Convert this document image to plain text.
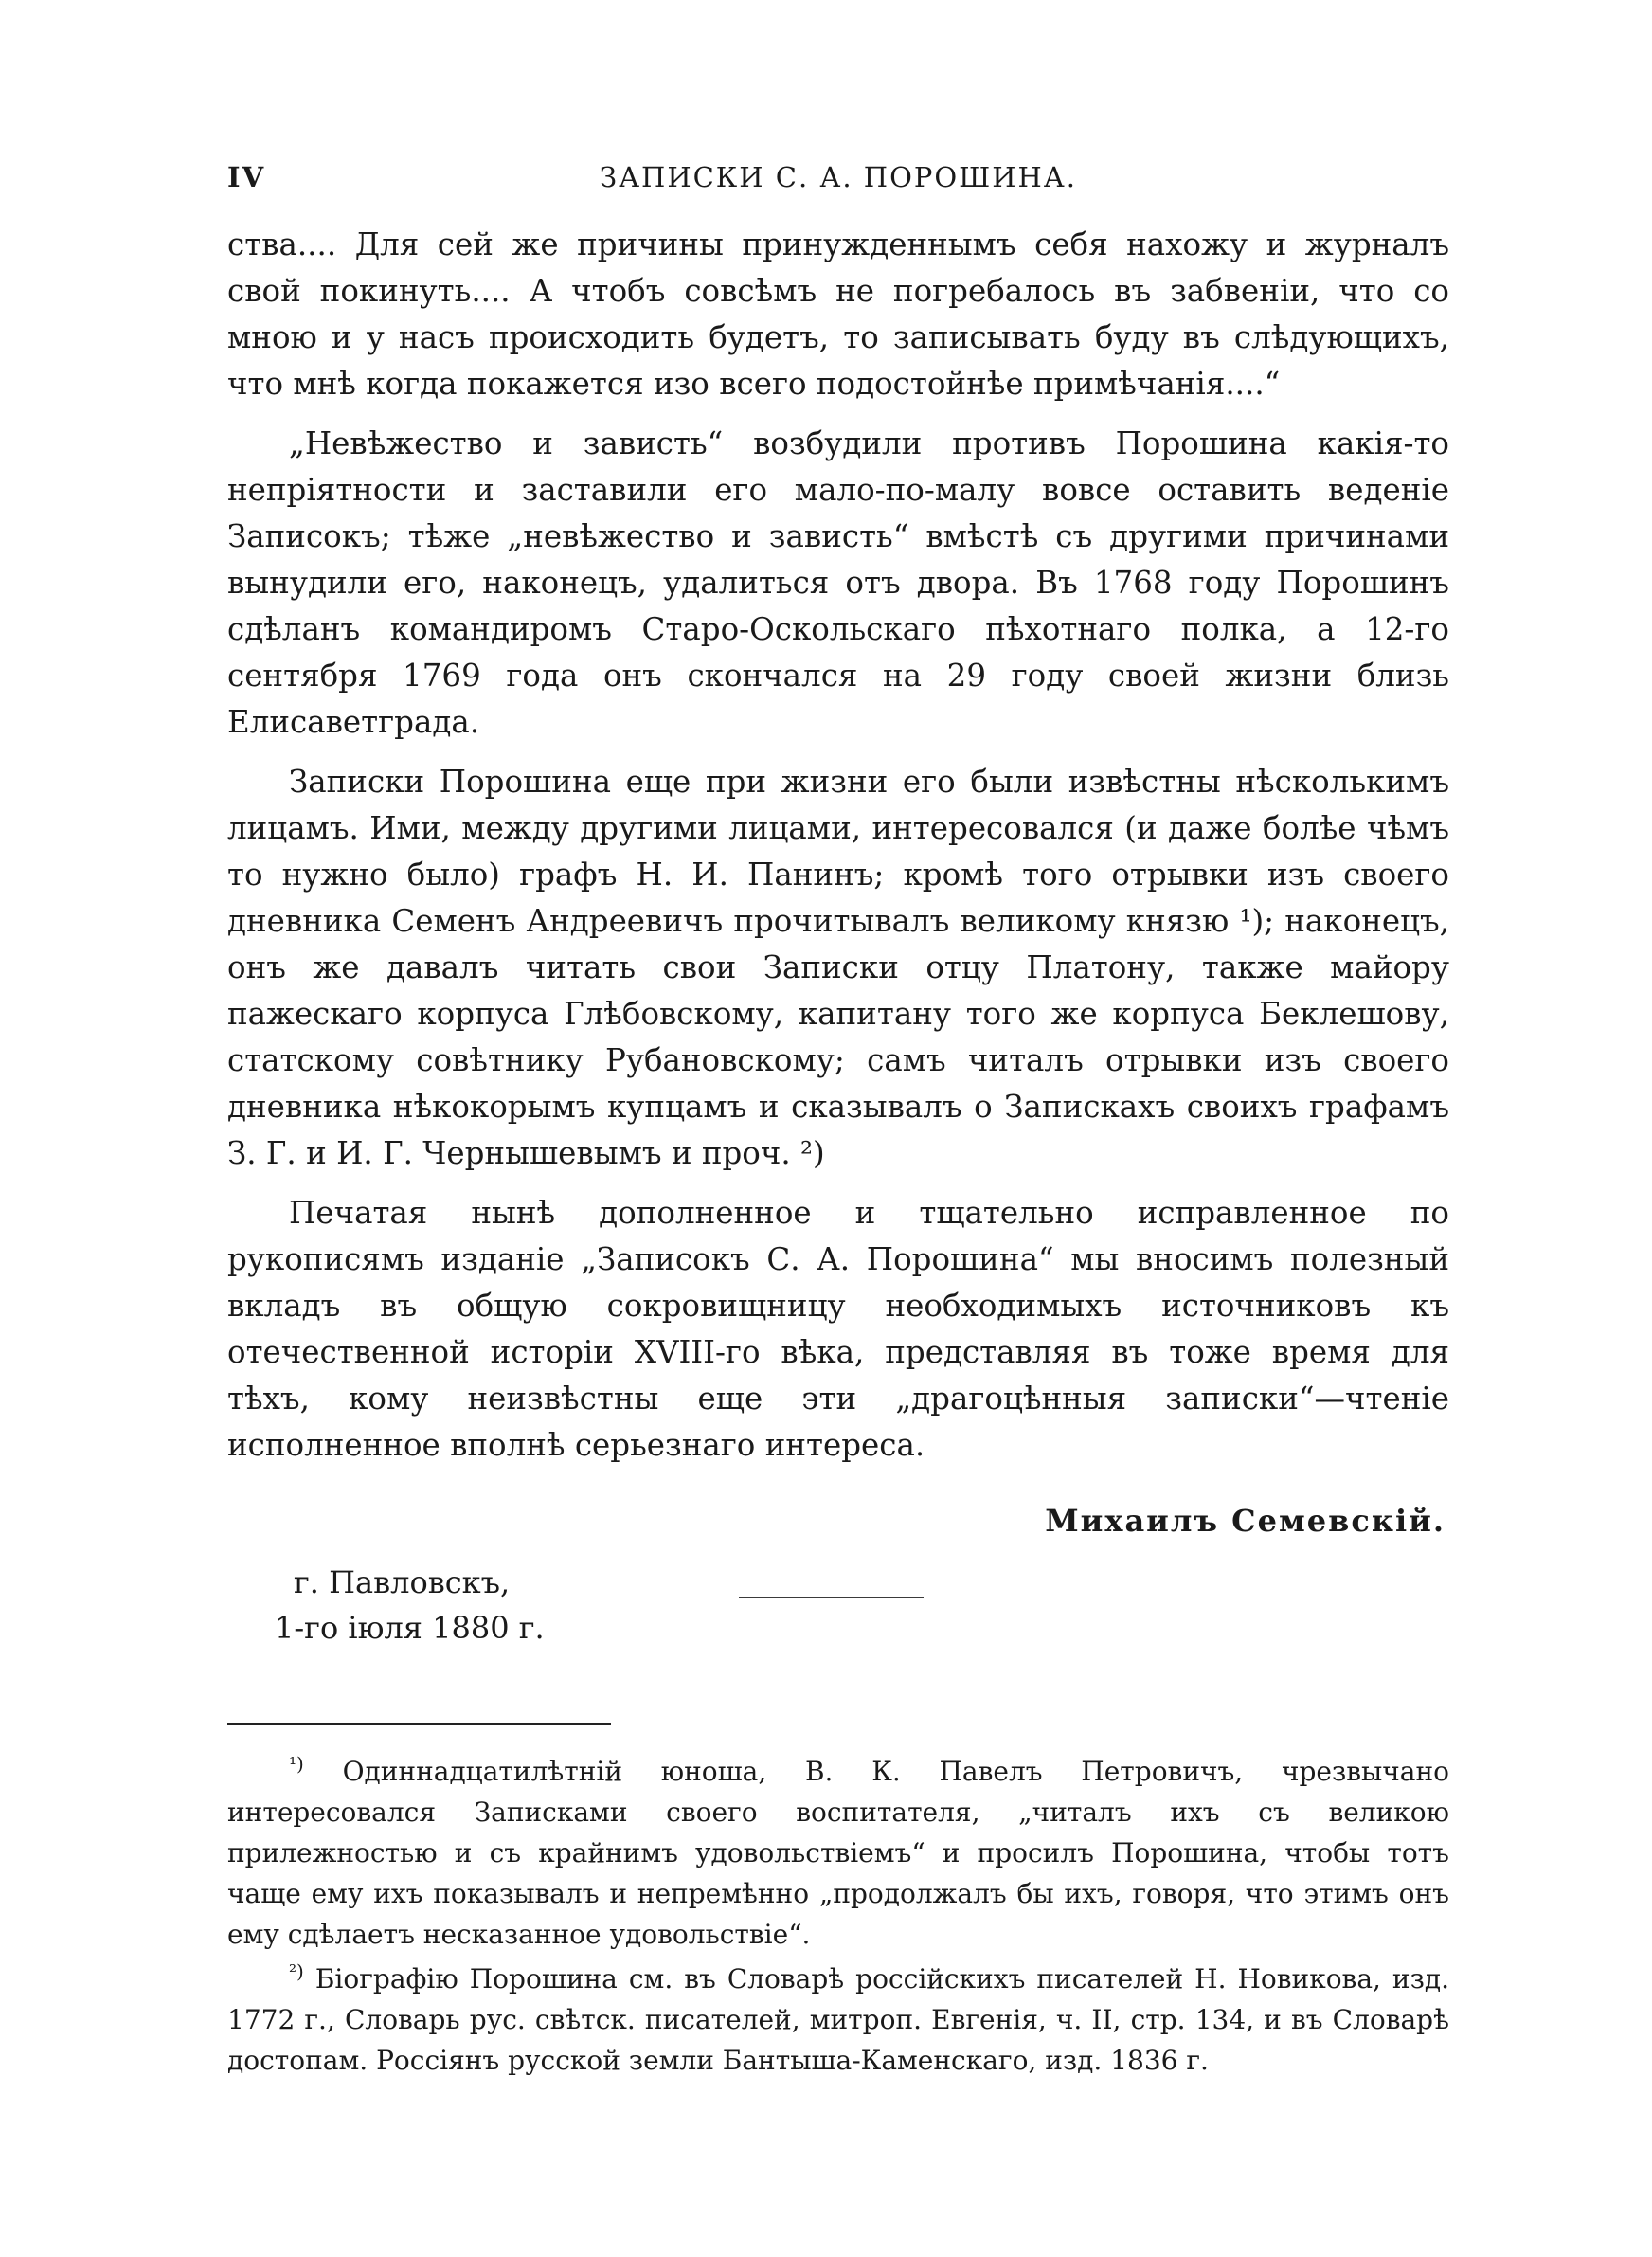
IV	ЗАПИСКИ С. А. ПОРОШИНА.

ства.... Для сей же причины принужденнымъ себя нахожу и журналъ свой покинуть.... А чтобъ совсѣмъ не погребалось въ забвеніи, что со мною и у насъ происходить будетъ, то записывать буду въ слѣдующихъ, что мнѣ когда покажется изо всего подостойнѣе примѣчанія....“

„Невѣжество и зависть“ возбудили противъ Порошина какія-то непріятности и заставили его мало-по-малу вовсе оставить веденіе Записокъ; тѣже „невѣжество и зависть“ вмѣстѣ съ другими причинами вынудили его, наконецъ, удалиться отъ двора. Въ 1768 году Порошинъ сдѣланъ командиромъ Старо-Оскольскаго пѣхотнаго полка, а 12-го сентября 1769 года онъ скончался на 29 году своей жизни близь Елисаветграда.

Записки Порошина еще при жизни его были извѣстны нѣсколькимъ лицамъ. Ими, между другими лицами, интересовался (и даже болѣе чѣмъ то нужно было) графъ Н. И. Панинъ; кромѣ того отрывки изъ своего дневника Семенъ Андреевичъ прочитывалъ великому князю ¹); наконецъ, онъ же давалъ читать свои Записки отцу Платону, также майору пажескаго корпуса Глѣбовскому, капитану того же корпуса Беклешову, статскому совѣтнику Рубановскому; самъ читалъ отрывки изъ своего дневника нѣкокорымъ купцамъ и сказывалъ о Запискахъ своихъ графамъ З. Г. и И. Г. Чернышевымъ и проч. ²)

Печатая нынѣ дополненное и тщательно исправленное по рукописямъ изданіе „Записокъ С. А. Порошина“ мы вносимъ полезный вкладъ въ общую сокровищницу необходимыхъ источниковъ къ отечественной исторіи XVIII-го вѣка, представляя въ тоже время для тѣхъ, кому неизвѣстны еще эти „драгоцѣнныя записки“—чтеніе исполненное вполнѣ серьезнаго интереса.

Михаилъ Семевскій.
г. Павловскъ,
1-го іюля 1880 г.

$^{^1)}$ Одиннадцатилѣтній юноша, В. К. Павелъ Петровичъ, чрезвычано интересовался Записками своего воспитателя, „читалъ ихъ съ великою прилежностью и съ крайнимъ удовольствіемъ“ и просилъ Порошина, чтобы тотъ чаще ему ихъ показывалъ и непремѣнно „продолжалъ бы ихъ, говоря, что этимъ онъ ему сдѣлаетъ несказанное удовольствіе“.

$^{^2)}$ Біографію Порошина см. въ Словарѣ россійскихъ писателей Н. Новикова, изд. 1772 г., Словарь рус. свѣтск. писателей, митроп. Евгенія, ч. II, стр. 134, и въ Словарѣ достопам. Россіянъ русской земли Бантыша-Каменскаго, изд. 1836 г.
